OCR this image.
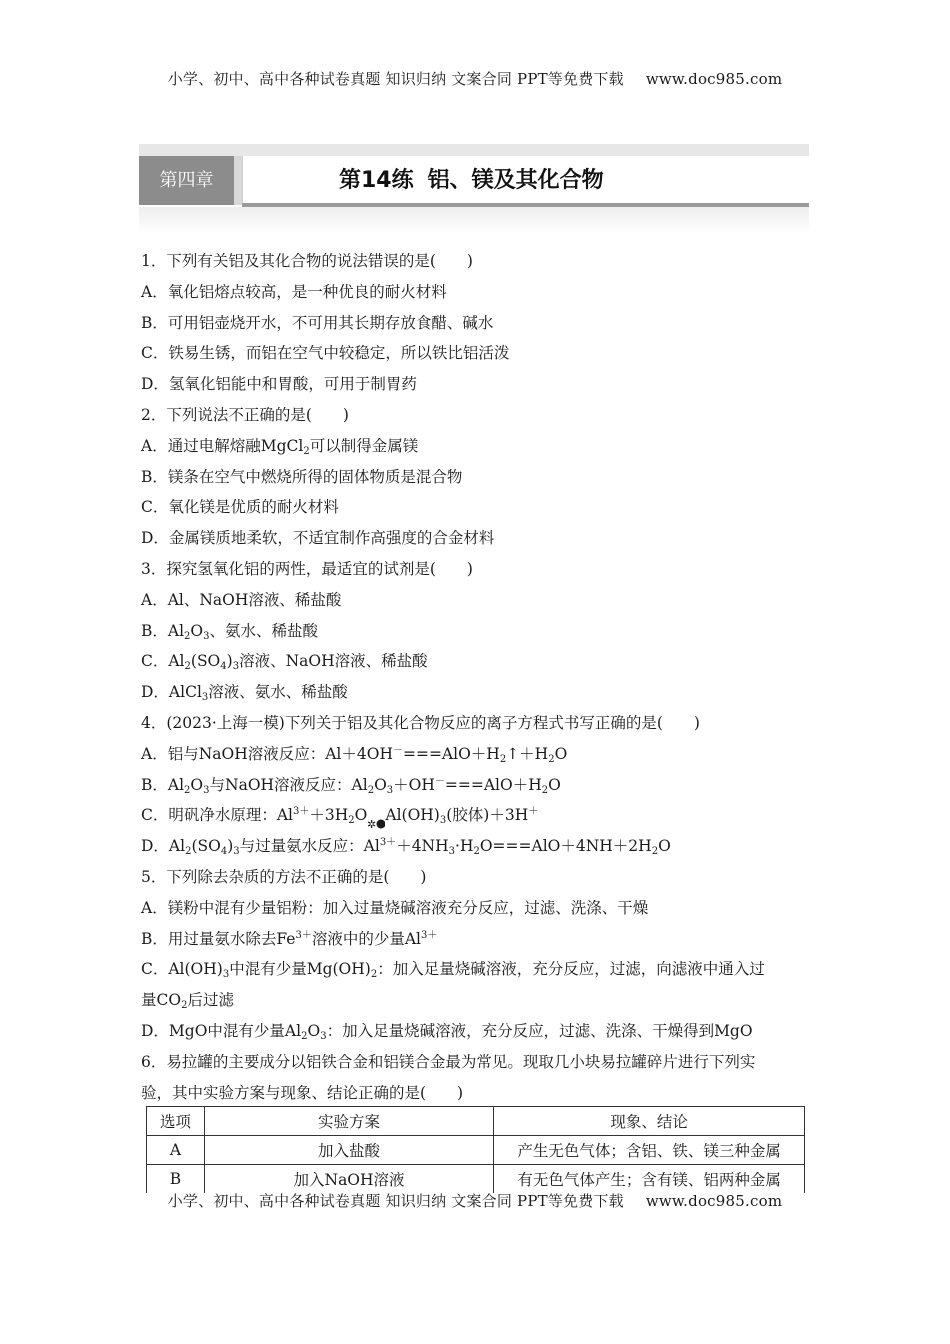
小学、初中、高中各种试卷真题 知识归纳 文案合同 PPT等免费下载 www.doc985.com
第四章	第14练 铝、镁及其化合物
1．下列有关铝及其化合物的说法错误的是(　　)
A．氧化铝熔点较高，是一种优良的耐火材料
B．可用铝壶烧开水，不可用其长期存放食醋、碱水
C．铁易生锈，而铝在空气中较稳定，所以铁比铝活泼
D．氢氧化铝能中和胃酸，可用于制胃药
2．下列说法不正确的是(　　)
A．通过电解熔融MgCl$_2$可以制得金属镁
B．镁条在空气中燃烧所得的固体物质是混合物
C．氧化镁是优质的耐火材料
D．金属镁质地柔软，不适宜制作高强度的合金材料
3．探究氢氧化铝的两性，最适宜的试剂是(　　)
A．Al、NaOH溶液、稀盐酸
B．$Al_2O_3$、氨水、稀盐酸
C．$Al_2(SO_4)_3$溶液、NaOH溶液、稀盐酸
D．AlCl$_3$溶液、氨水、稀盐酸
4．(2023·上海一模)下列关于铝及其化合物反应的离子方程式书写正确的是(　　)
A．铝与NaOH溶液反应：$Al+4OH^-===AlO+H_2↑+H_2O$
B．$Al_2O_3$与NaOH溶液反应：$Al_2O_3+OH^-===AlO+H_2O$
C．明矾净水原理：$Al^{3+}+3H_2O$
✲
$Al(OH)_3$(胶体)＋3H＋
D．$Al_2(SO_4)_3$与过量氨水反应：$Al^{3+}+4NH_3\cdot H_2O===AlO+4NH+2H_2O$
5．下列除去杂质的方法不正确的是(　　)
A．镁粉中混有少量铝粉：加入过量烧碱溶液充分反应，过滤、洗涤、干燥
B．用过量氨水除去$Fe^{3+}$溶液中的少量$Al^{3+}$
C．$Al(OH)_3$中混有少量$Mg(OH)_2$：加入足量烧碱溶液，充分反应，过滤，向滤液中通入过
量$CO_2$后过滤
D．MgO中混有少量$Al_2O_3$：加入足量烧碱溶液，充分反应，过滤、洗涤、干燥得到MgO
6．易拉罐的主要成分以铝铁合金和铝镁合金最为常见。现取几小块易拉罐碎片进行下列实
验，其中实验方案与现象、结论正确的是(　　)
选项	实验方案	现象、结论
A	加入盐酸	产生无色气体；含铝、铁、镁三种金属
B	加入NaOH溶液	有无色气体产生；含有镁、铝两种金属
小学、初中、高中各种试卷真题 知识归纳 文案合同 PPT等免费下载 www.doc985.com
